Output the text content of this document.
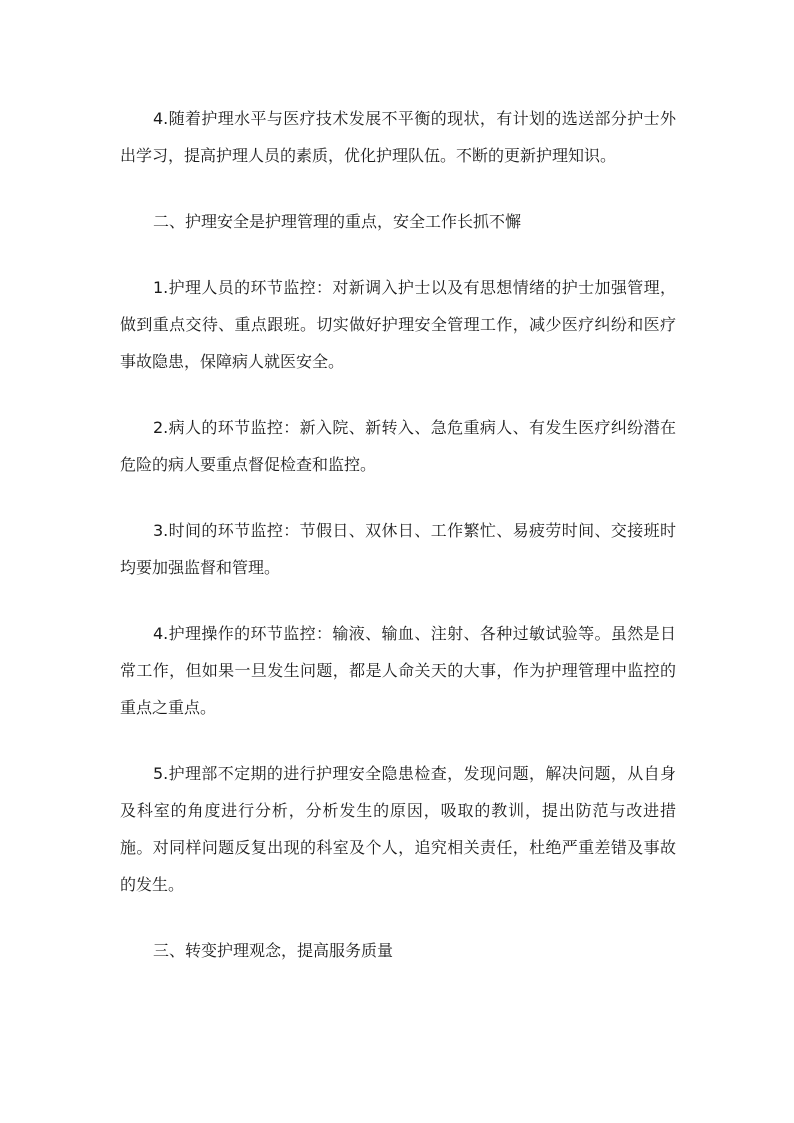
4.随着护理水平与医疗技术发展不平衡的现状，有计划的选送部分护士外出学习，提高护理人员的素质，优化护理队伍。不断的更新护理知识。

二、护理安全是护理管理的重点，安全工作长抓不懈

1.护理人员的环节监控：对新调入护士以及有思想情绪的护士加强管理，做到重点交待、重点跟班。切实做好护理安全管理工作，减少医疗纠纷和医疗事故隐患，保障病人就医安全。

2.病人的环节监控：新入院、新转入、急危重病人、有发生医疗纠纷潜在危险的病人要重点督促检查和监控。

3.时间的环节监控：节假日、双休日、工作繁忙、易疲劳时间、交接班时均要加强监督和管理。

4.护理操作的环节监控：输液、输血、注射、各种过敏试验等。虽然是日常工作，但如果一旦发生问题，都是人命关天的大事，作为护理管理中监控的重点之重点。

5.护理部不定期的进行护理安全隐患检查，发现问题，解决问题，从自身及科室的角度进行分析，分析发生的原因，吸取的教训，提出防范与改进措施。对同样问题反复出现的科室及个人，追究相关责任，杜绝严重差错及事故的发生。

三、转变护理观念，提高服务质量
